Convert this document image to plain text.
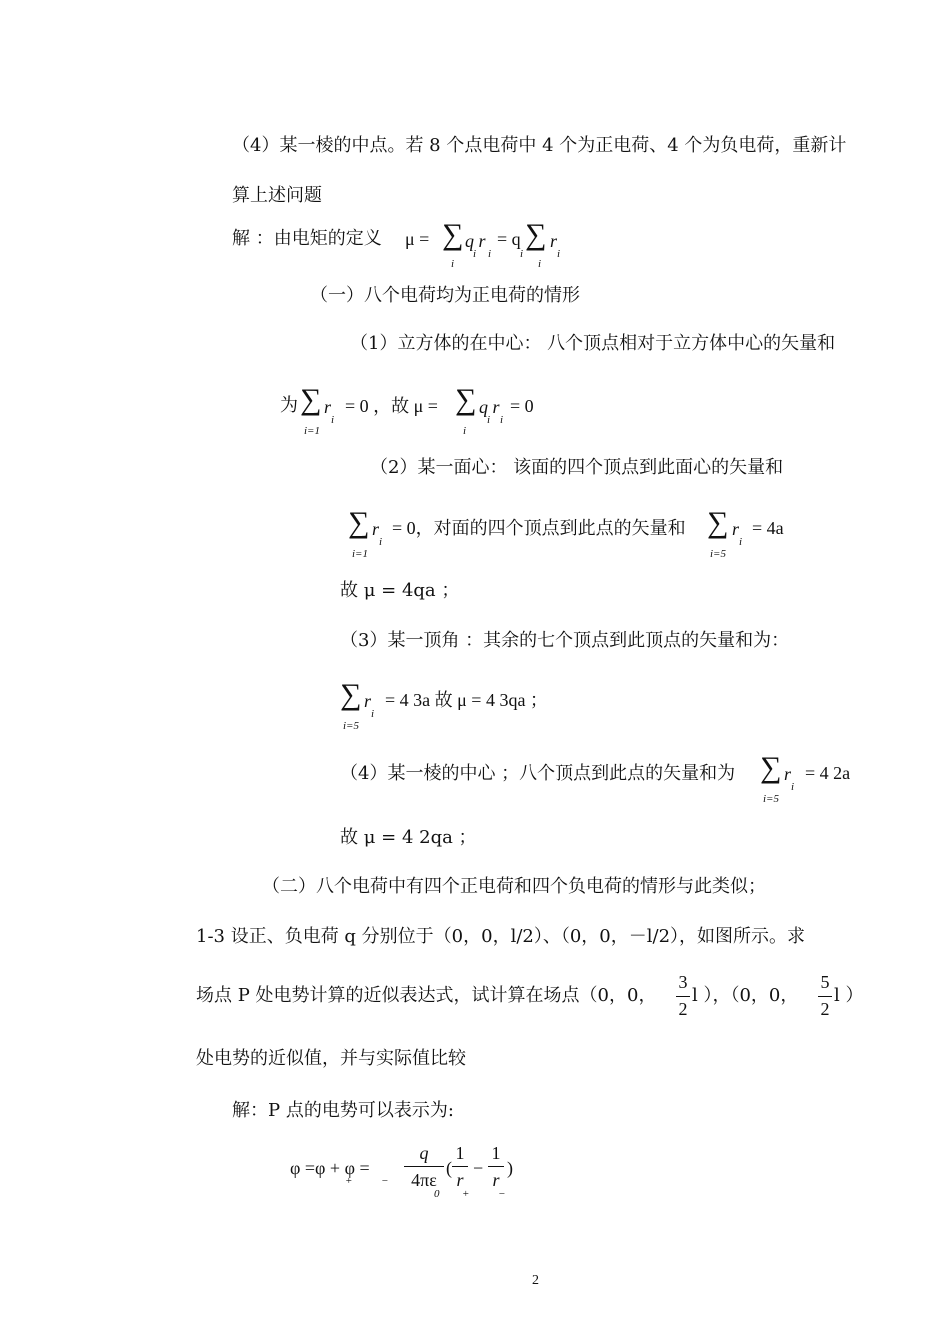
（4）某一棱的中点。若 8 个点电荷中 4 个为正电荷、4 个为负电荷，重新计
算上述问题
解 ：由电矩的定义 μ = ∑ q r = q ∑ r
i
i i	i
i
i
（一）八个电荷均为正电荷的情形
（1）立方体的在中心： 八个顶点相对于立方体中心的矢量和
为 ∑ r
i
i=1
= 0 ，故 μ = ∑ q r
i
i i
= 0
（2）某一面心： 该面的四个顶点到此面心的矢量和
∑ r
i
i=1
= 0，对面的四个顶点到此点的矢量和 ∑ r
i
i=5
= 4a
故 μ = 4qa ；
（3）某一顶角 ：其余的七个顶点到此顶点的矢量和为：
∑ r
i
i=5
= 4 3a 故 μ = 4 3qa ；
（4）某一棱的中心 ；八个顶点到此点的矢量和为 ∑ r
i
i=5
= 4 2a
故 μ = 4 2qa ；
（二）八个电荷中有四个正电荷和四个负电荷的情形与此类似；
1-3 设正、负电荷 q 分别位于（0，0，l/2）、（0，0，－l/2），如图所示。求
场点 P 处电势计算的近似表达式，试计算在场点（0，0，
3
2
l ），（0，0，
5
2
l ）
处电势的近似值，并与实际值比较
解：P 点的电势可以表示为:
φ =φ + φ =
+	−
q
4πε
0
(
1
r
+
−
1
r
−
)
2
